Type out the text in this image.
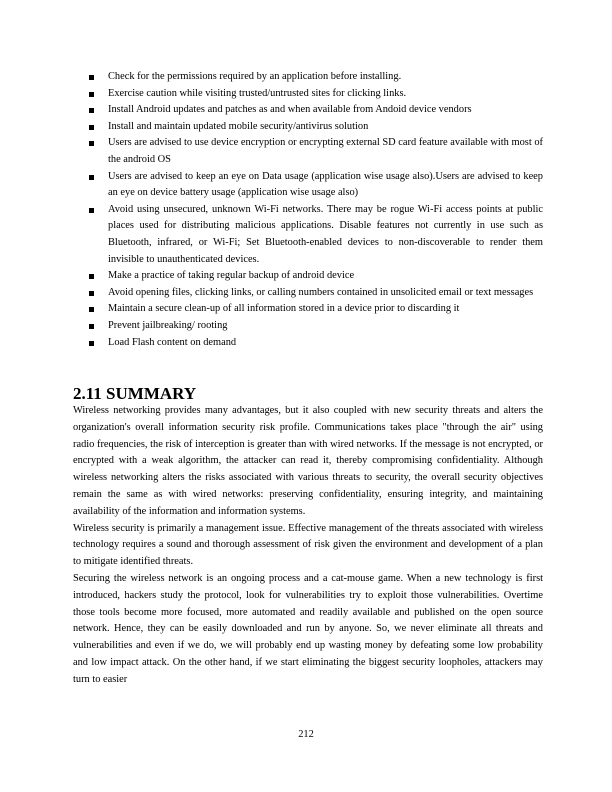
Check for the permissions required by an application before installing.
Exercise caution while visiting trusted/untrusted sites for clicking links.
Install Android updates and patches as and when available from Andoid device vendors
Install and maintain updated mobile security/antivirus solution
Users are advised to use device encryption or encrypting external SD card feature available with most of the android OS
Users are advised to keep an eye on Data usage (application wise usage also).Users are advised to keep an eye on device battery usage (application wise usage also)
Avoid using unsecured, unknown Wi-Fi networks. There may be rogue Wi-Fi access points at public places used for distributing malicious applications. Disable features not currently in use such as Bluetooth, infrared, or Wi-Fi; Set Bluetooth-enabled devices to non-discoverable to render them invisible to unauthenticated devices.
Make a practice of taking regular backup of android device
Avoid opening files, clicking links, or calling numbers contained in unsolicited email or text messages
Maintain a secure clean-up of all information stored in a device prior to discarding it
Prevent jailbreaking/ rooting
Load Flash content on demand
2.11 SUMMARY

Wireless networking provides many advantages, but it also coupled with new security threats and alters the organization's overall information security risk profile. Communications takes place "through the air" using radio frequencies, the risk of interception is greater than with wired networks. If the message is not encrypted, or encrypted with a weak algorithm, the attacker can read it, thereby compromising confidentiality. Although wireless networking alters the risks associated with various threats to security, the overall security objectives remain the same as with wired networks: preserving confidentiality, ensuring integrity, and maintaining availability of the information and information systems.

Wireless security is primarily a management issue. Effective management of the threats associated with wireless technology requires a sound and thorough assessment of risk given the environment and development of a plan to mitigate identified threats.

Securing the wireless network is an ongoing process and a cat-mouse game. When a new technology is first introduced, hackers study the protocol, look for vulnerabilities try to exploit those vulnerabilities. Overtime those tools become more focused, more automated and readily available and published on the open source network. Hence, they can be easily downloaded and run by anyone. So, we never eliminate all threats and vulnerabilities and even if we do, we will probably end up wasting money by defeating some low probability and low impact attack. On the other hand, if we start eliminating the biggest security loopholes, attackers may turn to easier

212
